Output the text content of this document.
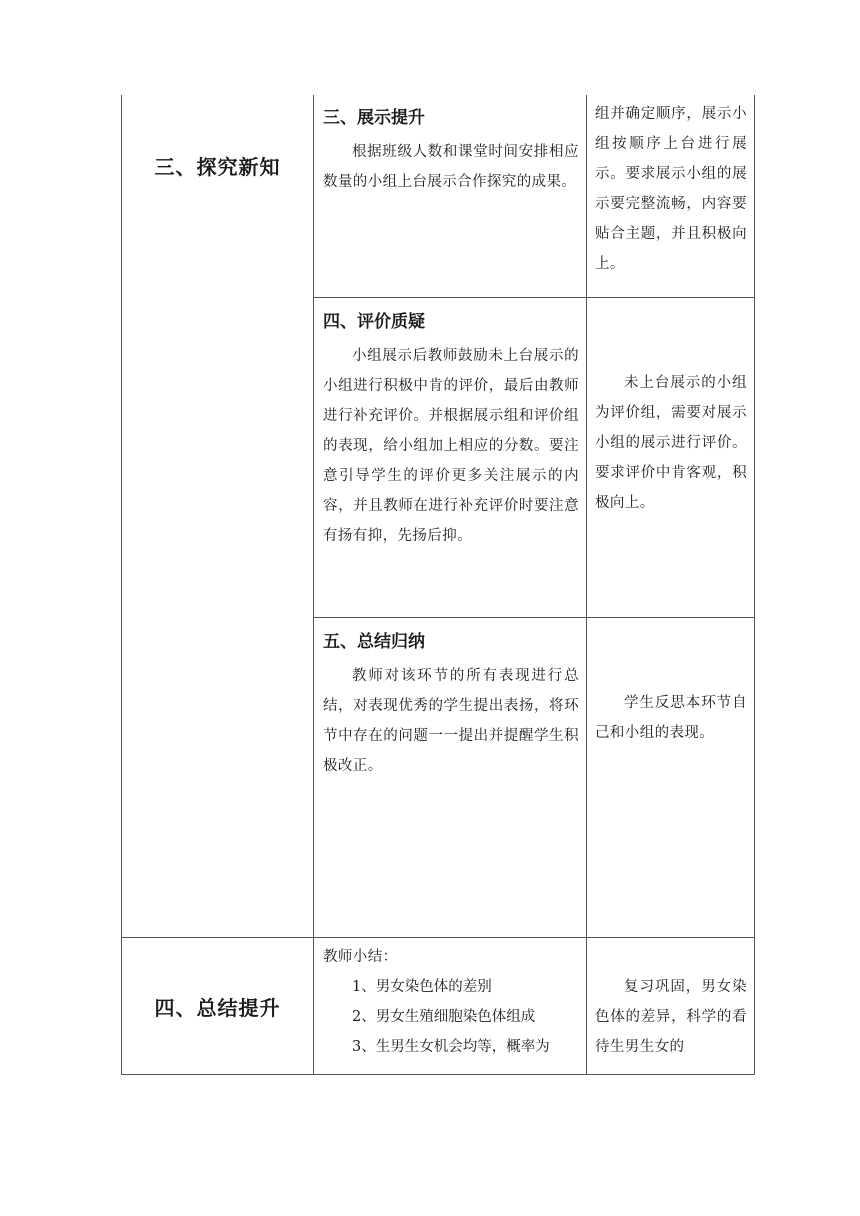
三、探究新知
三、展示提升

根据班级人数和课堂时间安排相应数量的小组上台展示合作探究的成果。

组并确定顺序，展示小组按顺序上台进行展示。要求展示小组的展示要完整流畅，内容要贴合主题，并且积极向上。

四、评价质疑

小组展示后教师鼓励未上台展示的小组进行积极中肯的评价，最后由教师进行补充评价。并根据展示组和评价组的表现，给小组加上相应的分数。要注意引导学生的评价更多关注展示的内容，并且教师在进行补充评价时要注意有扬有抑，先扬后抑。

未上台展示的小组为评价组，需要对展示小组的展示进行评价。要求评价中肯客观，积极向上。

五、总结归纳

教师对该环节的所有表现进行总结，对表现优秀的学生提出表扬，将环节中存在的问题一一提出并提醒学生积极改正。

学生反思本环节自己和小组的表现。

四、总结提升

教师小结：

1、男女染色体的差别

2、男女生殖细胞染色体组成

3、生男生女机会均等，概率为

复习巩固，男女染色体的差异，科学的看待生男生女的
